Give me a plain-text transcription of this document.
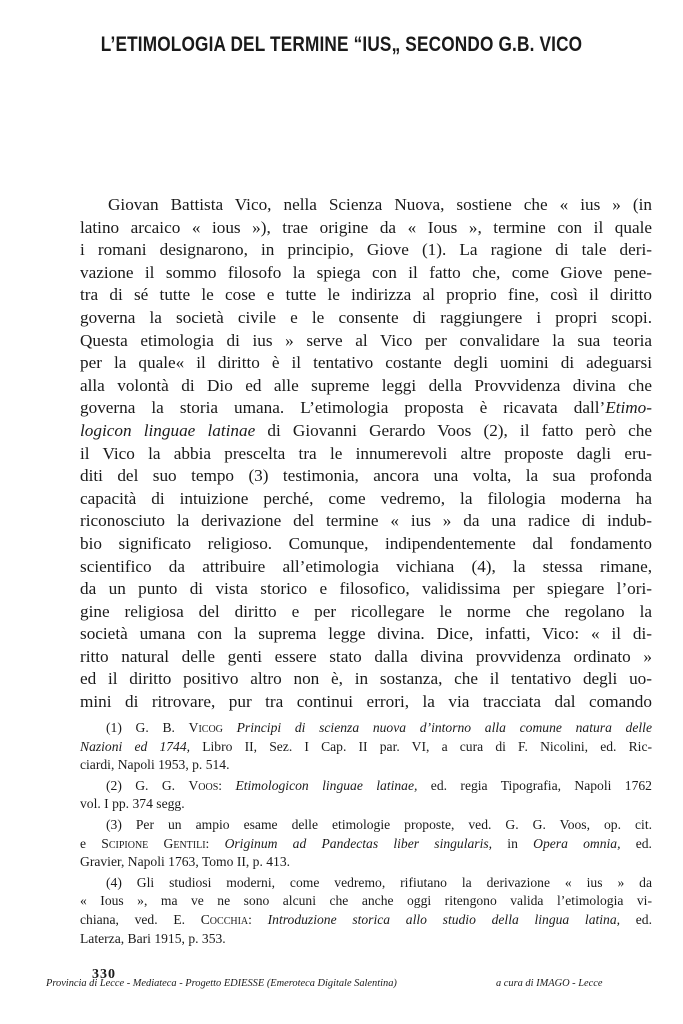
L’ETIMOLOGIA DEL TERMINE “IUS„ SECONDO G.B. VICO
Giovan Battista Vico, nella Scienza Nuova, sostiene che « ius » (in
latino arcaico « ious »), trae origine da « Ious », termine con il quale
i romani designarono, in principio, Giove (1). La ragione di tale deri-
vazione il sommo filosofo la spiega con il fatto che, come Giove pene-
tra di sé tutte le cose e tutte le indirizza al proprio fine, così il diritto
governa la società civile e le consente di raggiungere i propri scopi.
Questa etimologia di ius » serve al Vico per convalidare la sua teoria
per la quale« il diritto è il tentativo costante degli uomini di adeguarsi
alla volontà di Dio ed alle supreme leggi della Provvidenza divina che
governa la storia umana. L’etimologia proposta è ricavata dall’Etimo-
logicon linguae latinae di Giovanni Gerardo Voos (2), il fatto però che
il Vico la abbia prescelta tra le innumerevoli altre proposte dagli eru-
diti del suo tempo (3) testimonia, ancora una volta, la sua profonda
capacità di intuizione perché, come vedremo, la filologia moderna ha
riconosciuto la derivazione del termine « ius » da una radice di indub-
bio significato religioso. Comunque, indipendentemente dal fondamento
scientifico da attribuire all’etimologia vichiana (4), la stessa rimane,
da un punto di vista storico e filosofico, validissima per spiegare l’ori-
gine religiosa del diritto e per ricollegare le norme che regolano la
società umana con la suprema legge divina. Dice, infatti, Vico: « il di-
ritto natural delle genti essere stato dalla divina provvidenza ordinato »
ed il diritto positivo altro non è, in sostanza, che il tentativo degli uo-
mini di ritrovare, pur tra continui errori, la via tracciata dal comando
(1) G. B. Vicog Principi di scienza nuova d’intorno alla comune natura delle
Nazioni ed 1744, Libro II, Sez. I Cap. II par. VI, a cura di F. Nicolini, ed. Ric-
ciardi, Napoli 1953, p. 514.
(2) G. G. Voos: Etimologicon linguae latinae, ed. regia Tipografia, Napoli 1762
vol. I pp. 374 segg.
(3) Per un ampio esame delle etimologie proposte, ved. G. G. Voos, op. cit.
e Scipione Gentili: Originum ad Pandectas liber singularis, in Opera omnia, ed.
Gravier, Napoli 1763, Tomo II, p. 413.
(4) Gli studiosi moderni, come vedremo, rifiutano la derivazione « ius » da
« Ious », ma ve ne sono alcuni che anche oggi ritengono valida l’etimologia vi-
chiana, ved. E. Cocchia: Introduzione storica allo studio della lingua latina, ed.
Laterza, Bari 1915, p. 353.
330
Provincia di Lecce - Mediateca - Progetto EDIESSE (Emeroteca Digitale Salentina)	a cura di IMAGO - Lecce
